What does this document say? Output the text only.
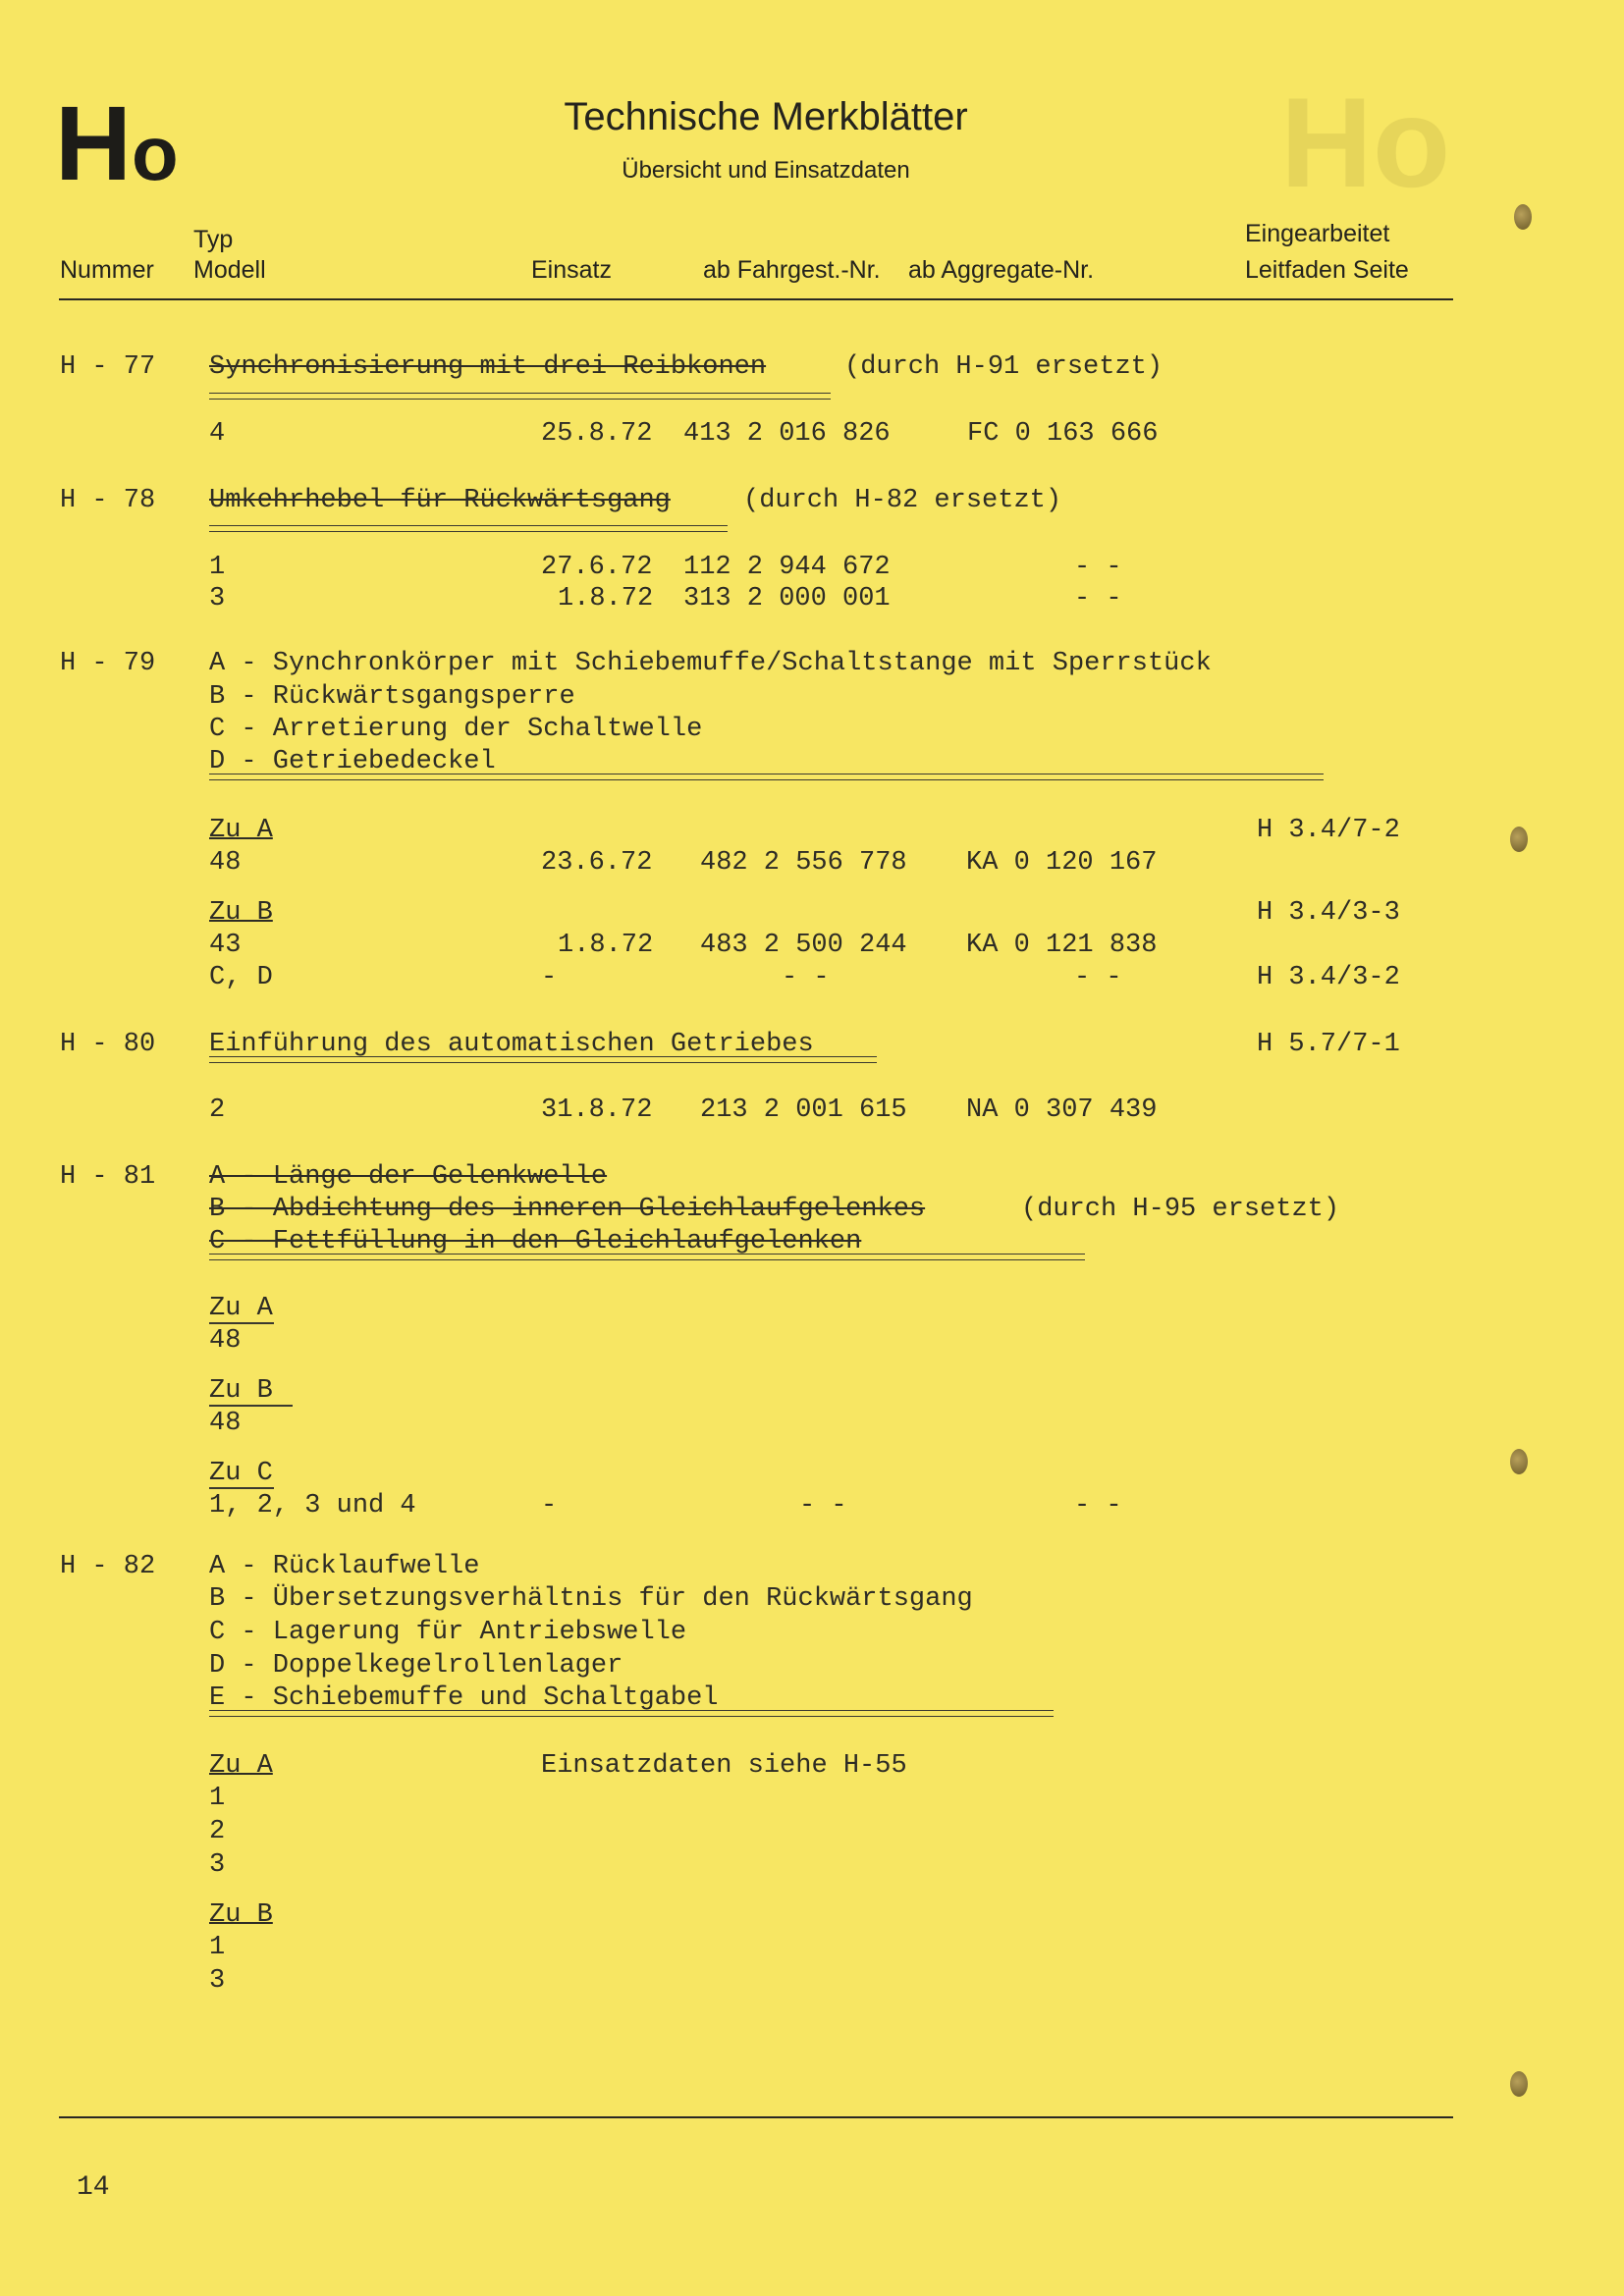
Ho
Ho	Technische Merkblätter
Übersicht und Einsatzdaten
Typ
Nummer Modell	Einsatz	ab Fahrgest.-Nr. ab Aggregate-Nr.
Eingearbeitet
Leitfaden Seite
H - 77 Synchronisierung mit drei Reibkonen	(durch H-91 ersetzt)
4	25.8.72 413 2 016 826	FC 0 163 666
H - 78 Umkehrhebel für Rückwärtsgang	(durch H-82 ersetzt)
1	27.6.72 112 2 944 672	- -
3	1.8.72 313 2 000 001	- -
H - 79 A - Synchronkörper mit Schiebemuffe/Schaltstange mit Sperrstück
B - Rückwärtsgangsperre
C - Arretierung der Schaltwelle
D - Getriebedeckel
Zu A	H 3.4/7-2
48	23.6.72 482 2 556 778 KA 0 120 167
Zu B	H 3.4/3-3
43	1.8.72 483 2 500 244 KA 0 121 838
C, D	-	- -	- -	H 3.4/3-2
H - 80 Einführung des automatischen Getriebes	H 5.7/7-1
2	31.8.72 213 2 001 615 NA 0 307 439
H - 81 A - Länge der Gelenkwelle
B - Abdichtung des inneren Gleichlaufgelenkes	(durch H-95 ersetzt)
C - Fettfüllung in den Gleichlaufgelenken
Zu A
48
Zu B
48
Zu C
1, 2, 3 und 4	-	- -	- -
H - 82 A - Rücklaufwelle
B - Übersetzungsverhältnis für den Rückwärtsgang
C - Lagerung für Antriebswelle
D - Doppelkegelrollenlager
E - Schiebemuffe und Schaltgabel
Zu A	Einsatzdaten siehe H-55
1
2
3
Zu B
1
3
14
